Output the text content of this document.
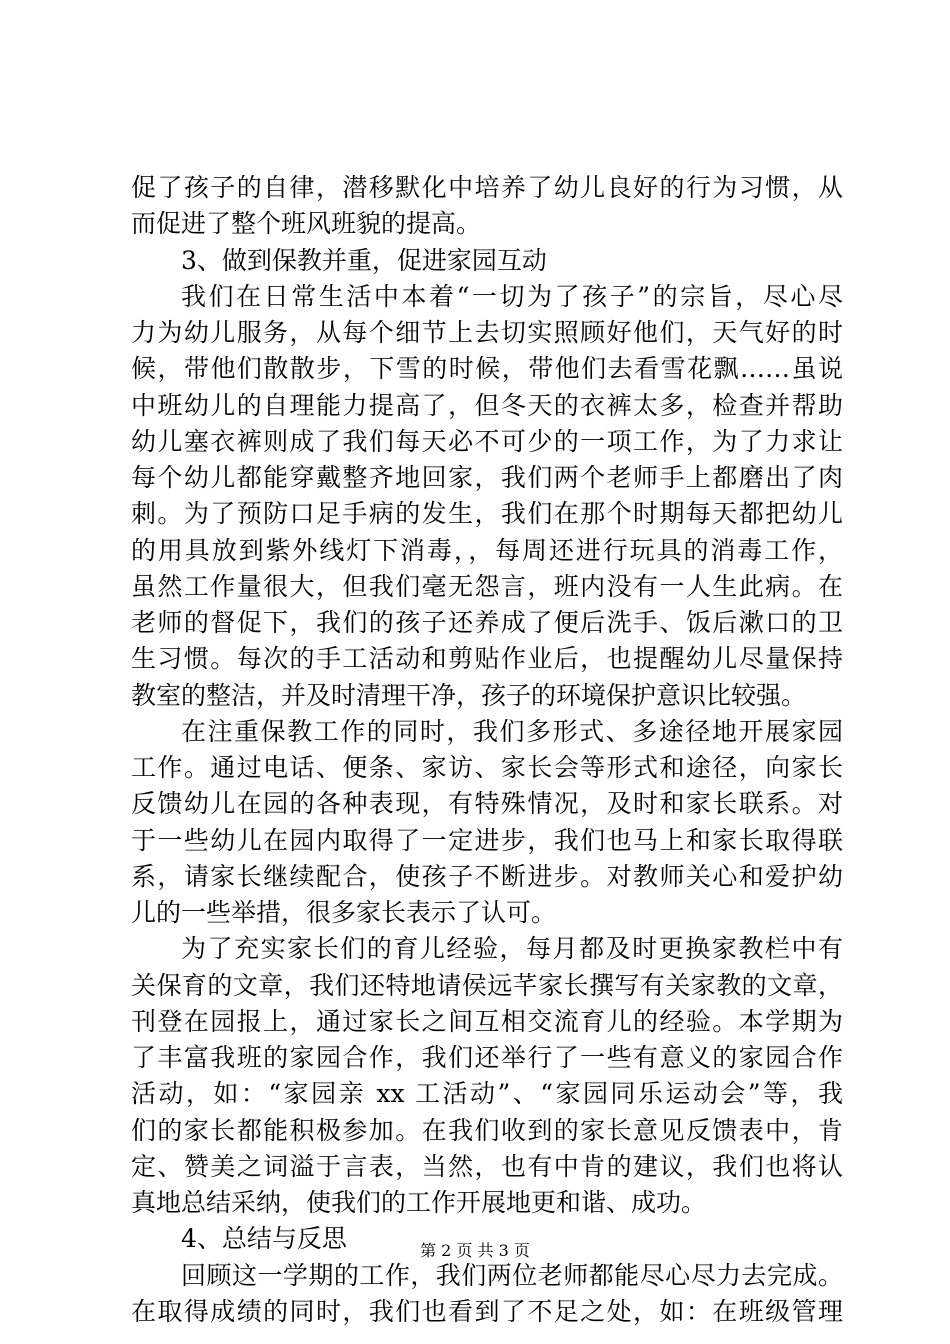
促了孩子的自律，潜移默化中培养了幼儿良好的行为习惯，从
而促进了整个班风班貌的提高。
3、做到保教并重，促进家园互动
我们在日常生活中本着“一切为了孩子”的宗旨，尽心尽
力为幼儿服务，从每个细节上去切实照顾好他们，天气好的时
候，带他们散散步，下雪的时候，带他们去看雪花飘……虽说
中班幼儿的自理能力提高了，但冬天的衣裤太多，检查并帮助
幼儿塞衣裤则成了我们每天必不可少的一项工作，为了力求让
每个幼儿都能穿戴整齐地回家，我们两个老师手上都磨出了肉
刺。为了预防口足手病的发生，我们在那个时期每天都把幼儿
的用具放到紫外线灯下消毒，，每周还进行玩具的消毒工作，
虽然工作量很大，但我们毫无怨言，班内没有一人生此病。在
老师的督促下，我们的孩子还养成了便后洗手、饭后漱口的卫
生习惯。每次的手工活动和剪贴作业后，也提醒幼儿尽量保持
教室的整洁，并及时清理干净，孩子的环境保护意识比较强。
在注重保教工作的同时，我们多形式、多途径地开展家园
工作。通过电话、便条、家访、家长会等形式和途径，向家长
反馈幼儿在园的各种表现，有特殊情况，及时和家长联系。对
于一些幼儿在园内取得了一定进步，我们也马上和家长取得联
系，请家长继续配合，使孩子不断进步。对教师关心和爱护幼
儿的一些举措，很多家长表示了认可。
为了充实家长们的育儿经验，每月都及时更换家教栏中有
关保育的文章，我们还特地请侯远芊家长撰写有关家教的文章，
刊登在园报上，通过家长之间互相交流育儿的经验。本学期为
了丰富我班的家园合作，我们还举行了一些有意义的家园合作
活动，如：“家园亲 xx 工活动”、“家园同乐运动会”等，我
们的家长都能积极参加。在我们收到的家长意见反馈表中，肯
定、赞美之词溢于言表，当然，也有中肯的建议，我们也将认
真地总结采纳，使我们的工作开展地更和谐、成功。
4、总结与反思
回顾这一学期的工作，我们两位老师都能尽心尽力去完成。
在取得成绩的同时，我们也看到了不足之处，如：在班级管理
第 2 页 共 3 页
